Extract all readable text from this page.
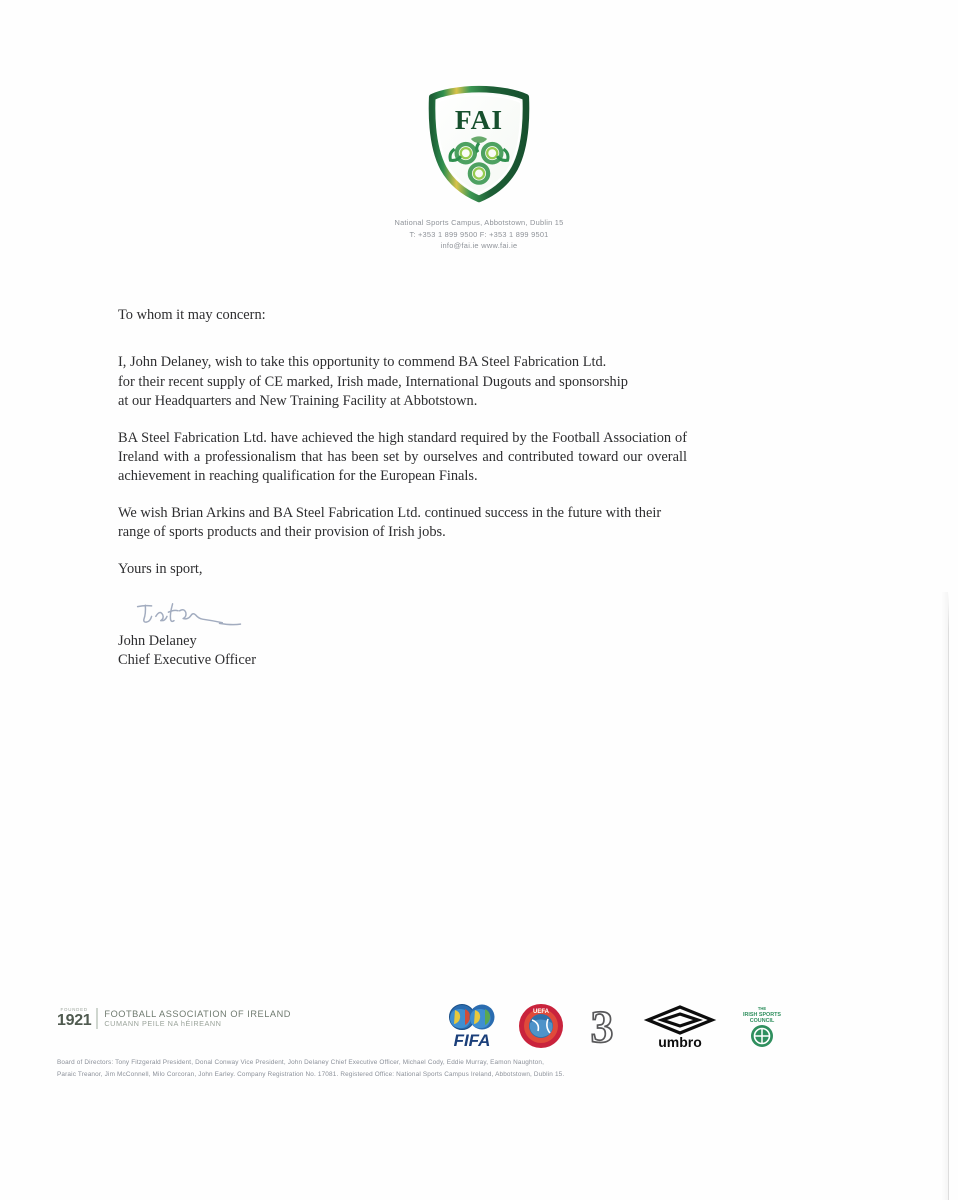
FAI
National Sports Campus, Abbotstown, Dublin 15
T: +353 1 899 9500 F: +353 1 899 9501
info@fai.ie www.fai.ie

To whom it may concern:

I, John Delaney, wish to take this opportunity to commend BA Steel Fabrication Ltd.

for their recent supply of CE marked, Irish made, International Dugouts and sponsorship

at our Headquarters and New Training Facility at Abbotstown.

BA Steel Fabrication Ltd. have achieved the high standard required by the Football Association of Ireland with a professionalism that has been set by ourselves and contributed toward our overall achievement in reaching qualification for the European Finals.

We wish Brian Arkins and BA Steel Fabrication Ltd. continued success in the future with their range of sports products and their provision of Irish jobs.

Yours in sport,

John Delaney
Chief Executive Officer
FOUNDED
1921 FOOTBALL ASSOCIATION OF IRELAND
CUMANN PEILE NA hÉIREANN
FIFA
UEFA 3	umbro
THE
IRISH SPORTS
COUNCIL
Board of Directors: Tony Fitzgerald President, Donal Conway Vice President, John Delaney Chief Executive Officer, Michael Cody, Eddie Murray, Eamon Naughton,
Paraic Treanor, Jim McConnell, Milo Corcoran, John Earley. Company Registration No. 17081. Registered Office: National Sports Campus Ireland, Abbotstown, Dublin 15.
